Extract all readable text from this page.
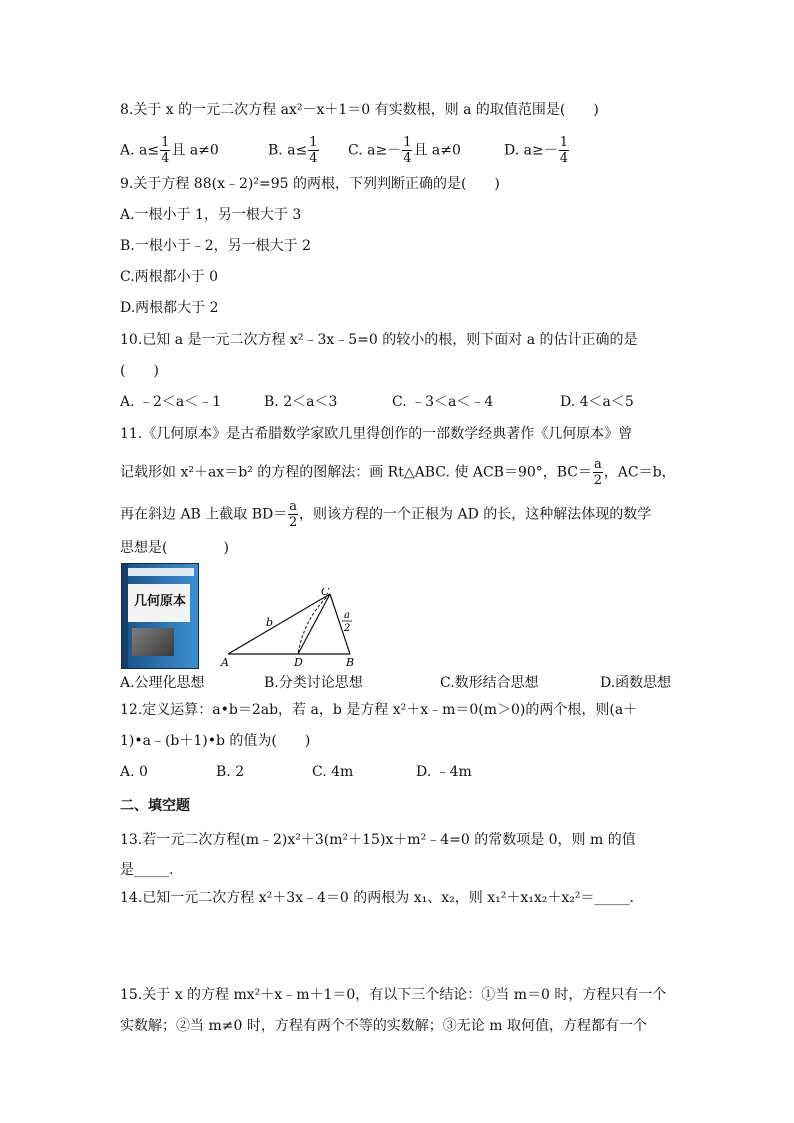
8.关于 x 的一元二次方程 ax²－x＋1＝0 有实数根，则 a 的取值范围是(　　)
A. $a\le \frac{1}{4}$ 且 a≠0	B. $a\le \frac{1}{4} C$. $a\ge- \frac{1}{4}$ 且 a≠0	D. $a\ge- \frac{1}{4}$
9.关于方程 88(x﹣2)²=95 的两根，下列判断正确的是(　　)
A.一根小于 1，另一根大于 3
B.一根小于﹣2，另一根大于 2
C.两根都小于 0
D.两根都大于 2
10.已知 a 是一元二次方程 x²﹣3x﹣5=0 的较小的根，则下面对 a 的估计正确的是
(　　)
A. ﹣2＜a＜﹣1	B. 2＜a＜3	C. ﹣3＜a＜﹣4	D. 4＜a＜5
11.《几何原本》是古希腊数学家欧几里得创作的一部数学经典著作《几何原本》曾
记载形如 x²＋ax＝b² 的方程的图解法：画 Rt△ABC. 使 ACB＝90°，$BC= \frac{a}{2}$ ，AC＝b，
再在斜边 AB 上截取 $BD= \frac{a}{2}$ ，则该方程的一个正根为 AD 的长，这种解法体现的数学
思想是(　　　　)
几何原本
A	B
C
D
b
a
2
A.公理化思想	B.分类讨论思想	C.数形结合思想	D.函数思想
12.定义运算：a•b＝2ab，若 a，b 是方程 x²＋x﹣m＝0(m＞0)的两个根，则(a＋
1)•a﹣(b＋1)•b 的值为(　　)
A. 0	B. 2	C. 4m	D. ﹣4m
二、填空题
13.若一元二次方程(m﹣2)x²＋3(m²＋15)x＋m²﹣4=0 的常数项是 0，则 m 的值
是_____.
14.已知一元二次方程 x²＋3x﹣4＝0 的两根为 x₁、x₂，则 x₁²＋x₁x₂＋x₂²＝_____.
15.关于 x 的方程 mx²＋x﹣m＋1＝0，有以下三个结论：①当 m＝0 时，方程只有一个
实数解；②当 m≠0 时，方程有两个不等的实数解；③无论 m 取何值，方程都有一个
